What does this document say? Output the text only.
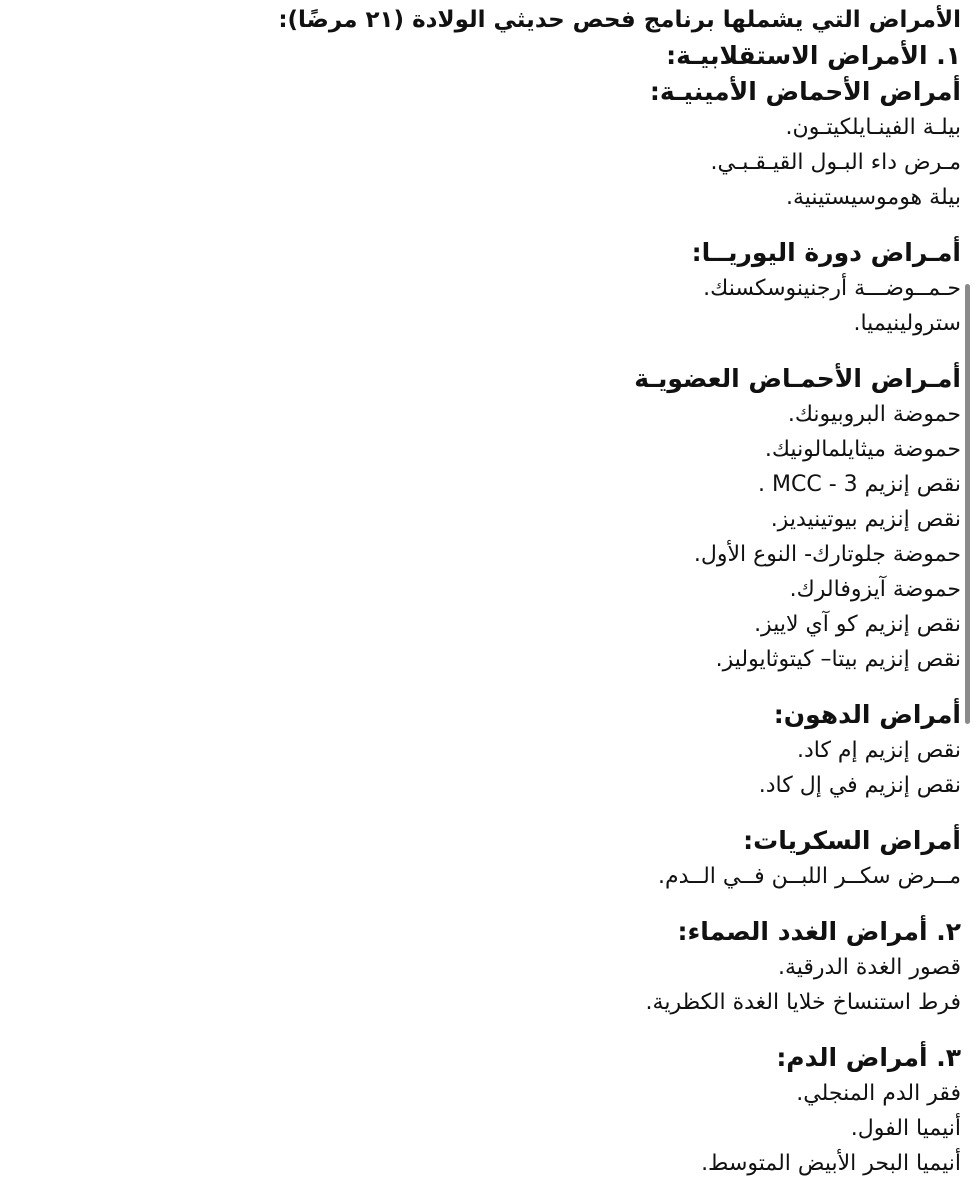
الأمراض التي يشملها برنامج فحص حديثي الولادة (٢١ مرضًا):

١. الأمراض الاستقلابيـة:

أمراض الأحماض الأمينيـة:

بيلـة الفينـايلكيتـون.

مـرض داء البـول القيـقـبـي.

بيلة هوموسيستينية.

أمـراض دورة اليوريــا:

حـمــوضـــة أرجنينوسكسنك.

سترولينيميا.

أمـراض الأحمـاض العضويـة

حموضة البروبيونك.

حموضة ميثايلمالونيك.

نقص إنزيم 3 - MCC .

نقص إنزيم بيوتينيديز.

حموضة جلوتارك- النوع الأول.

حموضة آيزوفالرك.

نقص إنزيم كو آي لاييز.

نقص إنزيم بيتا– كيتوثايوليز.

أمراض الدهون:

نقص إنزيم إم كاد.

نقص إنزيم في إل كاد.

أمراض السكريات:

مــرض سكــر اللبــن فــي الــدم.

٢. أمراض الغدد الصماء:

قصور الغدة الدرقية.

فرط استنساخ خلايا الغدة الكظرية.

٣. أمراض الدم:

فقر الدم المنجلي.

أنيميا الفول.

أنيميا البحر الأبيض المتوسط.
